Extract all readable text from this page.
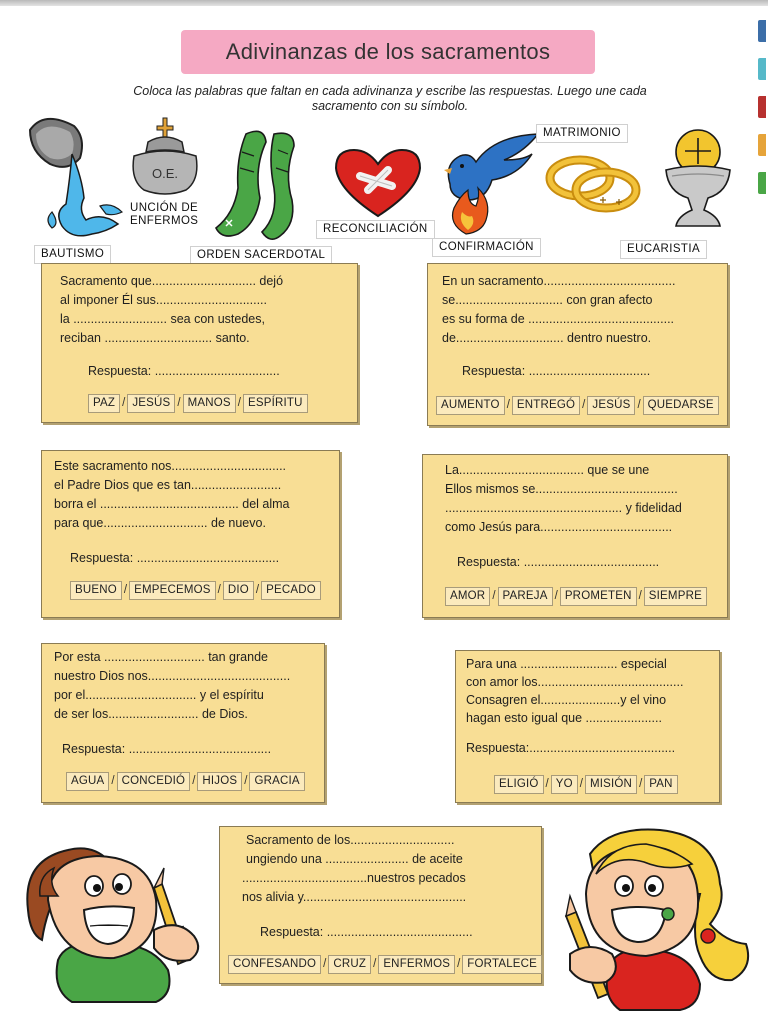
Adivinanzas de los sacramentos
Coloca las palabras que faltan en cada adivinanza y escribe las respuestas. Luego une cada
sacramento con su símbolo.
BAUTISMO
O.E.
UNCIÓN DE
ENFERMOS
ORDEN SACERDOTAL
RECONCILIACIÓN
CONFIRMACIÓN
MATRIMONIO
EUCARISTIA
Sacramento que.............................. dejó
al imponer Él sus................................
la ........................... sea con ustedes,
reciban ............................... santo.
Respuesta: ....................................
PAZ / JESÚS / MANOS / ESPÍRITU
En un sacramento......................................
se............................... con gran afecto
es su forma de ..........................................
de............................... dentro nuestro.
Respuesta: ...................................
AUMENTO / ENTREGÓ / JESÚS / QUEDARSE
Este sacramento nos.................................
el Padre Dios que es tan..........................
borra el ........................................ del alma
para que.............................. de nuevo.
Respuesta: .........................................
BUENO / EMPECEMOS / DIO / PECADO
La.................................... que se une
Ellos mismos se.........................................
................................................... y fidelidad
como Jesús para......................................
Respuesta: .......................................
AMOR / PAREJA / PROMETEN / SIEMPRE
Por esta ............................. tan grande
nuestro Dios nos.........................................
por el................................ y el espíritu
de ser los.......................... de Dios.
Respuesta: .........................................
AGUA / CONCEDIÓ / HIJOS / GRACIA
Para una ............................ especial
con amor los..........................................
Consagren el.......................y el vino
hagan esto igual que ......................
Respuesta:..........................................
ELIGIÓ / YO / MISIÓN / PAN
Sacramento de los..............................
ungiendo una ........................ de aceite
....................................nuestros pecados
nos alivia y...............................................
Respuesta: ..........................................
CONFESANDO / CRUZ / ENFERMOS / FORTALECE
